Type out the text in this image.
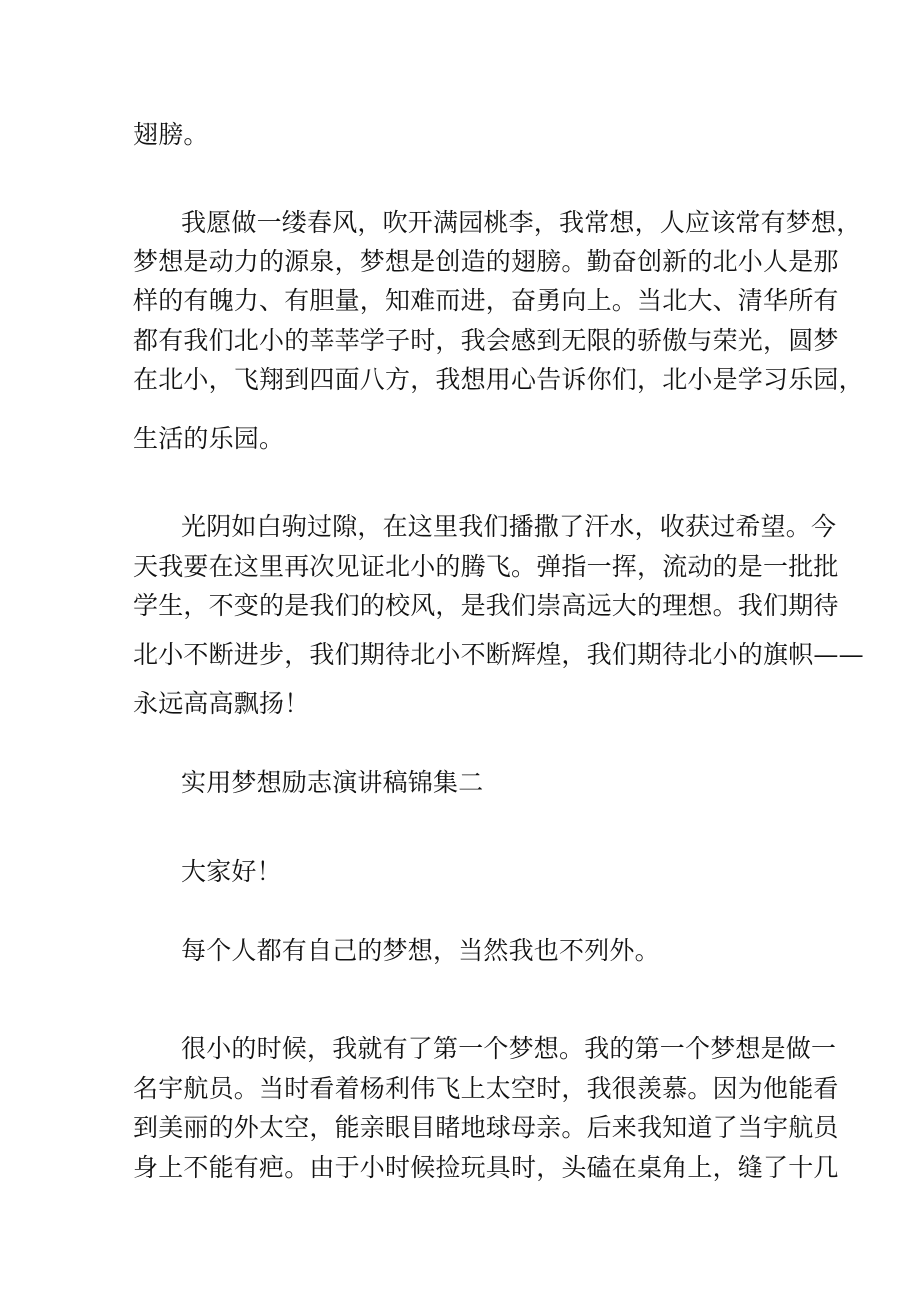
翅膀。
我愿做一缕春风，吹开满园桃李，我常想，人应该常有梦想，
梦想是动力的源泉，梦想是创造的翅膀。勤奋创新的北小人是那
样的有魄力、有胆量，知难而进，奋勇向上。当北大、清华所有
都有我们北小的莘莘学子时，我会感到无限的骄傲与荣光，圆梦
在北小，飞翔到四面八方，我想用心告诉你们，北小是学习乐园，
生活的乐园。
光阴如白驹过隙，在这里我们播撒了汗水，收获过希望。今
天我要在这里再次见证北小的腾飞。弹指一挥，流动的是一批批
学生，不变的是我们的校风，是我们崇高远大的理想。我们期待
北小不断进步，我们期待北小不断辉煌，我们期待北小的旗帜——
永远高高飘扬！
实用梦想励志演讲稿锦集二
大家好！
每个人都有自己的梦想，当然我也不列外。
很小的时候，我就有了第一个梦想。我的第一个梦想是做一
名宇航员。当时看着杨利伟飞上太空时，我很羡慕。因为他能看
到美丽的外太空，能亲眼目睹地球母亲。后来我知道了当宇航员
身上不能有疤。由于小时候捡玩具时，头磕在桌角上，缝了十几
